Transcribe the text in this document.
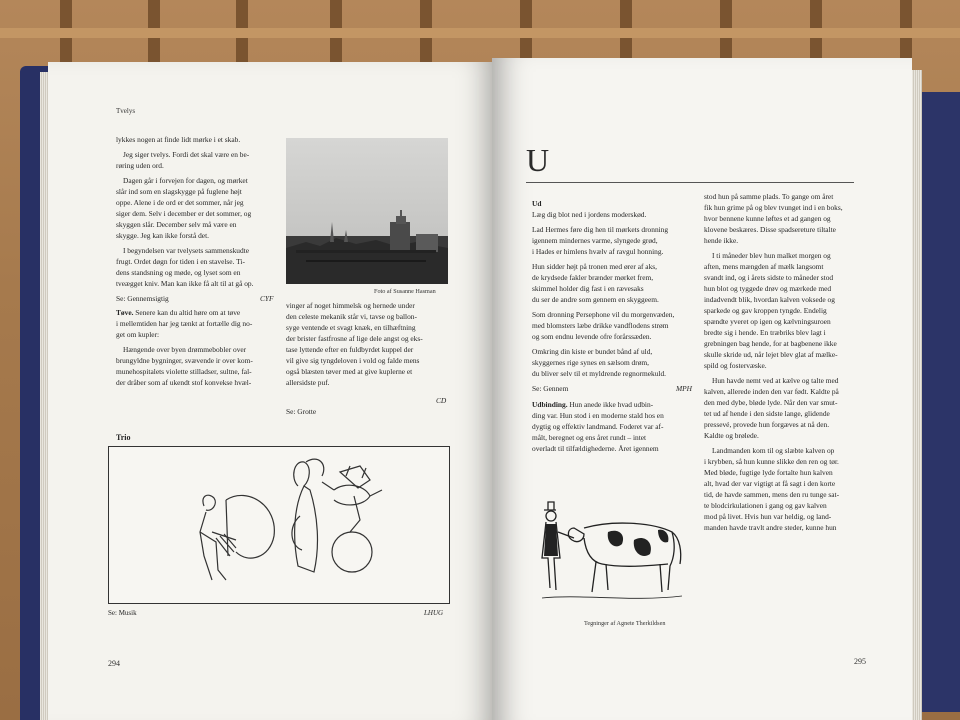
Tvelys
lykkes nogen at finde lidt mørke i et skab.
Jeg siger tvelys. Fordi det skal være en be-
røring uden ord.
Dagen går i forvejen for dagen, og mørket
slår ind som en slagskygge på fuglene højt
oppe. Alene i de ord er det sommer, når jeg
siger dem. Selv i december er det sommer, og
skyggen slår. December selv må være en
skygge. Jeg kan ikke forstå det.
I begyndelsen var tvelysets sammenskudte
frugt. Ordet døgn for tiden i en stavelse. Ti-
dens standsning og møde, og lyset som en
tveægget kniv. Man kan ikke få alt til at gå op.
Se: Gennemsigtig	CYF
Tøve. Senere kan du altid høre om at tøve
i mellemtiden har jeg tænkt at fortælle dig no-
get om kupler:
Hængende over byen drømmebobler over
brungyldne bygninger, svævende ir over kom-
munehospitalets violette stilladser, sultne, fal-
der dråber som af ukendt stof konvekse hvæl-
Foto af Susanne Hasman
vinger af noget himmelsk og hernede under
den celeste mekanik står vi, tavse og ballon-
syge ventende et svagt knæk, en tilhæftning
der brister fastfrosne af lige dele angst og eks-
tase lyttende efter en fuldbyrdet kuppel der
vil give sig tyngdeloven i vold og falde mens
også blæsten tøver med at give kuplerne et
allersidste puf.
CD
Se: Grotte
Trio
Se: Musik	LHUG
294
U
Ud
Læg dig blot ned i jordens moderskød.
Lad Hermes føre dig hen til mørkets dronning
igennem mindernes varme, slyngede grød,
i Hades er himlens hvælv af ravgul honning.
Hun sidder højt på tronen med ører af aks,
de krydsede fakler brænder mørket frem,
skimmel holder dig fast i en rævesaks
du ser de andre som gennem en skyggeem.
Som dronning Persephone vil du morgenvæden,
med blomsters læbe drikke vandflodens strøm
og som endnu levende ofre forårssæden.
Omkring din kiste er bundet bånd af uld,
skyggernes rige synes en sælsom drøm,
du bliver selv til et myldrende regnormekuld.
Se: Gennem	MPH
Udbinding. Hun anede ikke hvad udbin-
ding var. Hun stod i en moderne stald hos en
dygtig og effektiv landmand. Foderet var af-
målt, beregnet og ens året rundt – intet
overladt til tilfældighederne. Året igennem
Tegninger af Agnete Therkildsen
stod hun på samme plads. To gange om året
fik hun grime på og blev tvunget ind i en boks,
hvor bennene kunne løftes et ad gangen og
klovene beskæres. Disse spadsereture tiltalte
hende ikke.
I ti måneder blev hun malket morgen og
aften, mens mængden af mælk langsomt
svandt ind, og i årets sidste to måneder stod
hun blot og tyggede drøv og mærkede med
indadvendt blik, hvordan kalven voksede og
sparkede og gav kroppen tyngde. Endelig
spændte yveret op igen og kælvningsuroen
bredte sig i hende. En træbriks blev lagt i
grebningen bag hende, for at bagbenene ikke
skulle skride ud, når lejet blev glat af mælke-
spild og fostervæske.
Hun havde nemt ved at kælve og talte med
kalven, allerede inden den var født. Kaldte på
den med dybe, bløde lyde. Når den var smut-
tet ud af hende i den sidste lange, glidende
pressevé, provede hun forgæves at nå den.
Kaldte og brølede.
Landmanden kom til og slæbte kalven op
i krybben, så hun kunne slikke den ren og tør.
Med bløde, fugtige lyde fortalte hun kalven
alt, hvad der var vigtigt at få sagt i den korte
tid, de havde sammen, mens den ru tunge sat-
te blodcirkulationen i gang og gav kalven
mod på livet. Hvis hun var heldig, og land-
manden havde travlt andre steder, kunne hun
295
